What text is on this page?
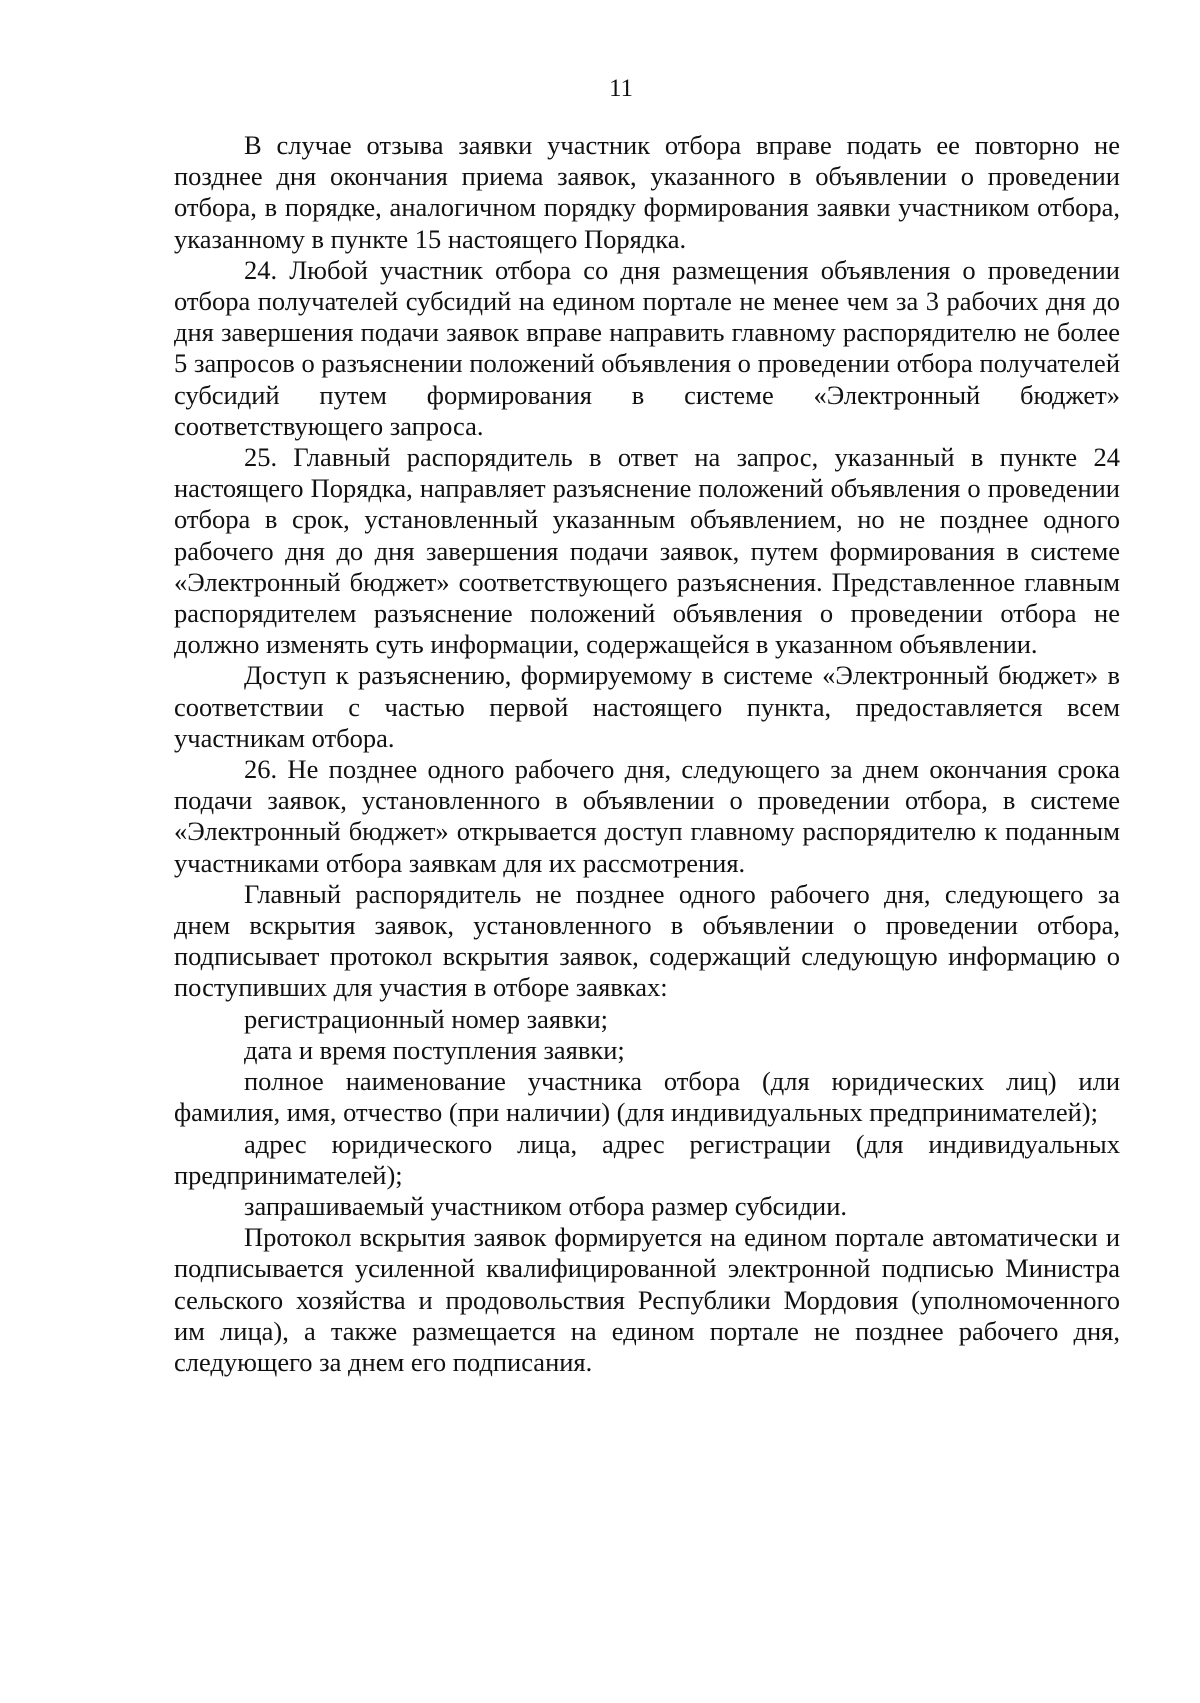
11

В случае отзыва заявки участник отбора вправе подать ее повторно не позднее дня окончания приема заявок, указанного в объявлении о проведении отбора, в порядке, аналогичном порядку формирования заявки участником отбора, указанному в пункте 15 настоящего Порядка.

24. Любой участник отбора со дня размещения объявления о проведении отбора получателей субсидий на едином портале не менее чем за 3 рабочих дня до дня завершения подачи заявок вправе направить главному распорядителю не более 5 запросов о разъяснении положений объявления о проведении отбора получателей субсидий путем формирования в системе «Электронный бюджет» соответствующего запроса.

25. Главный распорядитель в ответ на запрос, указанный в пункте 24 настоящего Порядка, направляет разъяснение положений объявления о проведении отбора в срок, установленный указанным объявлением, но не позднее одного рабочего дня до дня завершения подачи заявок, путем формирования в системе «Электронный бюджет» соответствующего разъяснения. Представленное главным распорядителем разъяснение положений объявления о проведении отбора не должно изменять суть информации, содержащейся в указанном объявлении.

Доступ к разъяснению, формируемому в системе «Электронный бюджет» в соответствии с частью первой настоящего пункта, предоставляется всем участникам отбора.

26. Не позднее одного рабочего дня, следующего за днем окончания срока подачи заявок, установленного в объявлении о проведении отбора, в системе «Электронный бюджет» открывается доступ главному распорядителю к поданным участниками отбора заявкам для их рассмотрения.

Главный распорядитель не позднее одного рабочего дня, следующего за днем вскрытия заявок, установленного в объявлении о проведении отбора, подписывает протокол вскрытия заявок, содержащий следующую информацию о поступивших для участия в отборе заявках:

регистрационный номер заявки;

дата и время поступления заявки;

полное наименование участника отбора (для юридических лиц) или фамилия, имя, отчество (при наличии) (для индивидуальных предпринимателей);

адрес юридического лица, адрес регистрации (для индивидуальных предпринимателей);

запрашиваемый участником отбора размер субсидии.

Протокол вскрытия заявок формируется на едином портале автоматически и подписывается усиленной квалифицированной электронной подписью Министра сельского хозяйства и продовольствия Республики Мордовия (уполномоченного им лица), а также размещается на едином портале не позднее рабочего дня, следующего за днем его подписания.
